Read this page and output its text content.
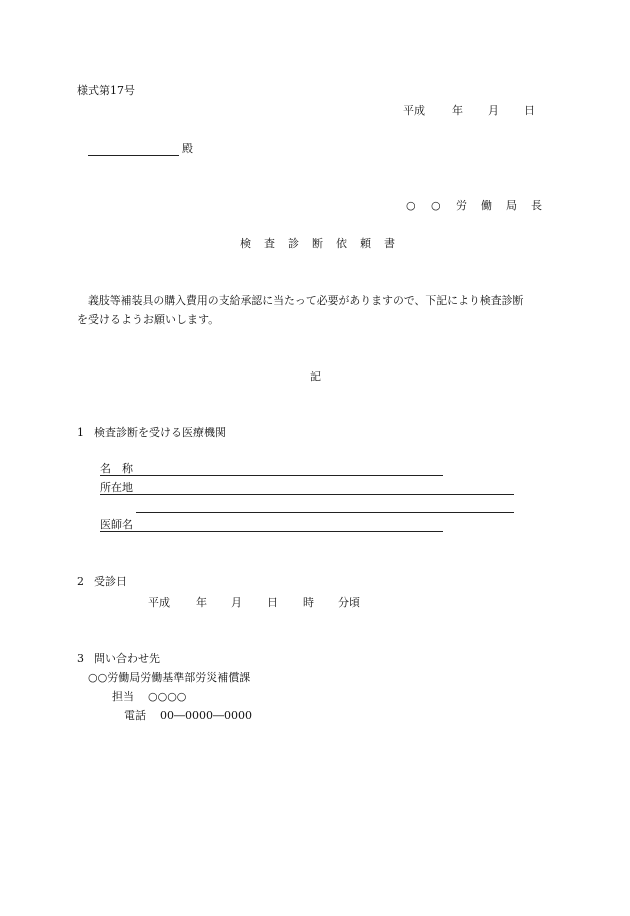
様式第17号
平成 年 月 日
殿
○ ○ 労 働 局 長
検 査 診 断 依 頼 書
義肢等補装具の購入費用の支給承認に当たって必要がありますので、下記により検査診断
を受けるようお願いします。
記
1 検査診断を受ける医療機関
名　称
所在地
医師名
2 受診日
平成 年 月 日 時 分頃
3 問い合わせ先
○○労働局労働基準部労災補償課
担当 ○○○○
電話 00―0000―0000
